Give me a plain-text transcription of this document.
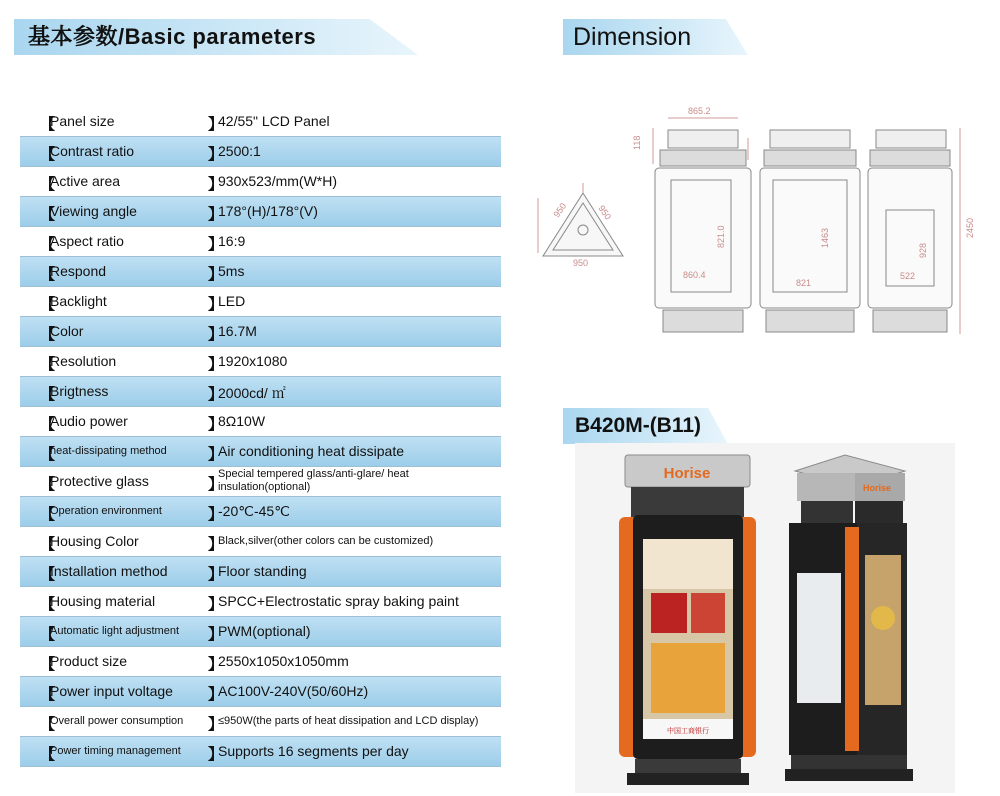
基本参数/Basic parameters	Dimension
B420M-(B11)
【
Panel size	】
42/55" LCD Panel
【
Contrast ratio	】
2500:1
【
Active area	】
930x523/mm(W*H)
【
Viewing angle	】
178°(H)/178°(V)
【
Aspect ratio	】
16:9
【
Respond	】
5ms
【
Backlight	】
LED
【
Color	】
16.7M
【
Resolution	】
1920x1080
【
Brigtness	】
2000cd/ ㎡
【
Audio power	】
8Ω10W
【
heat-dissipating method	】
Air conditioning heat dissipate
【
Protective glass	】
Special tempered glass/anti-glare/ heat insulation(optional)
【
Operation environment	】
-20℃-45℃
【
Housing Color	】
Black,silver(other colors can be customized)
【
Installation method	】
Floor standing
【
Housing material	】
SPCC+Electrostatic spray baking paint
【
Automatic light adjustment 】
PWM(optional)
【
Product size	】
2550x1050x1050mm
【
Power input voltage 】
AC100V-240V(50/60Hz)
【
Overall power consumption 】
≤950W(the parts of heat dissipation and LCD display)
【
Power timing management 】
Supports 16 segments per day
865.2
118
950	950
950
860.4
821.0
821
1463
522
928
2450
Horise
中国工商银行
Horise
